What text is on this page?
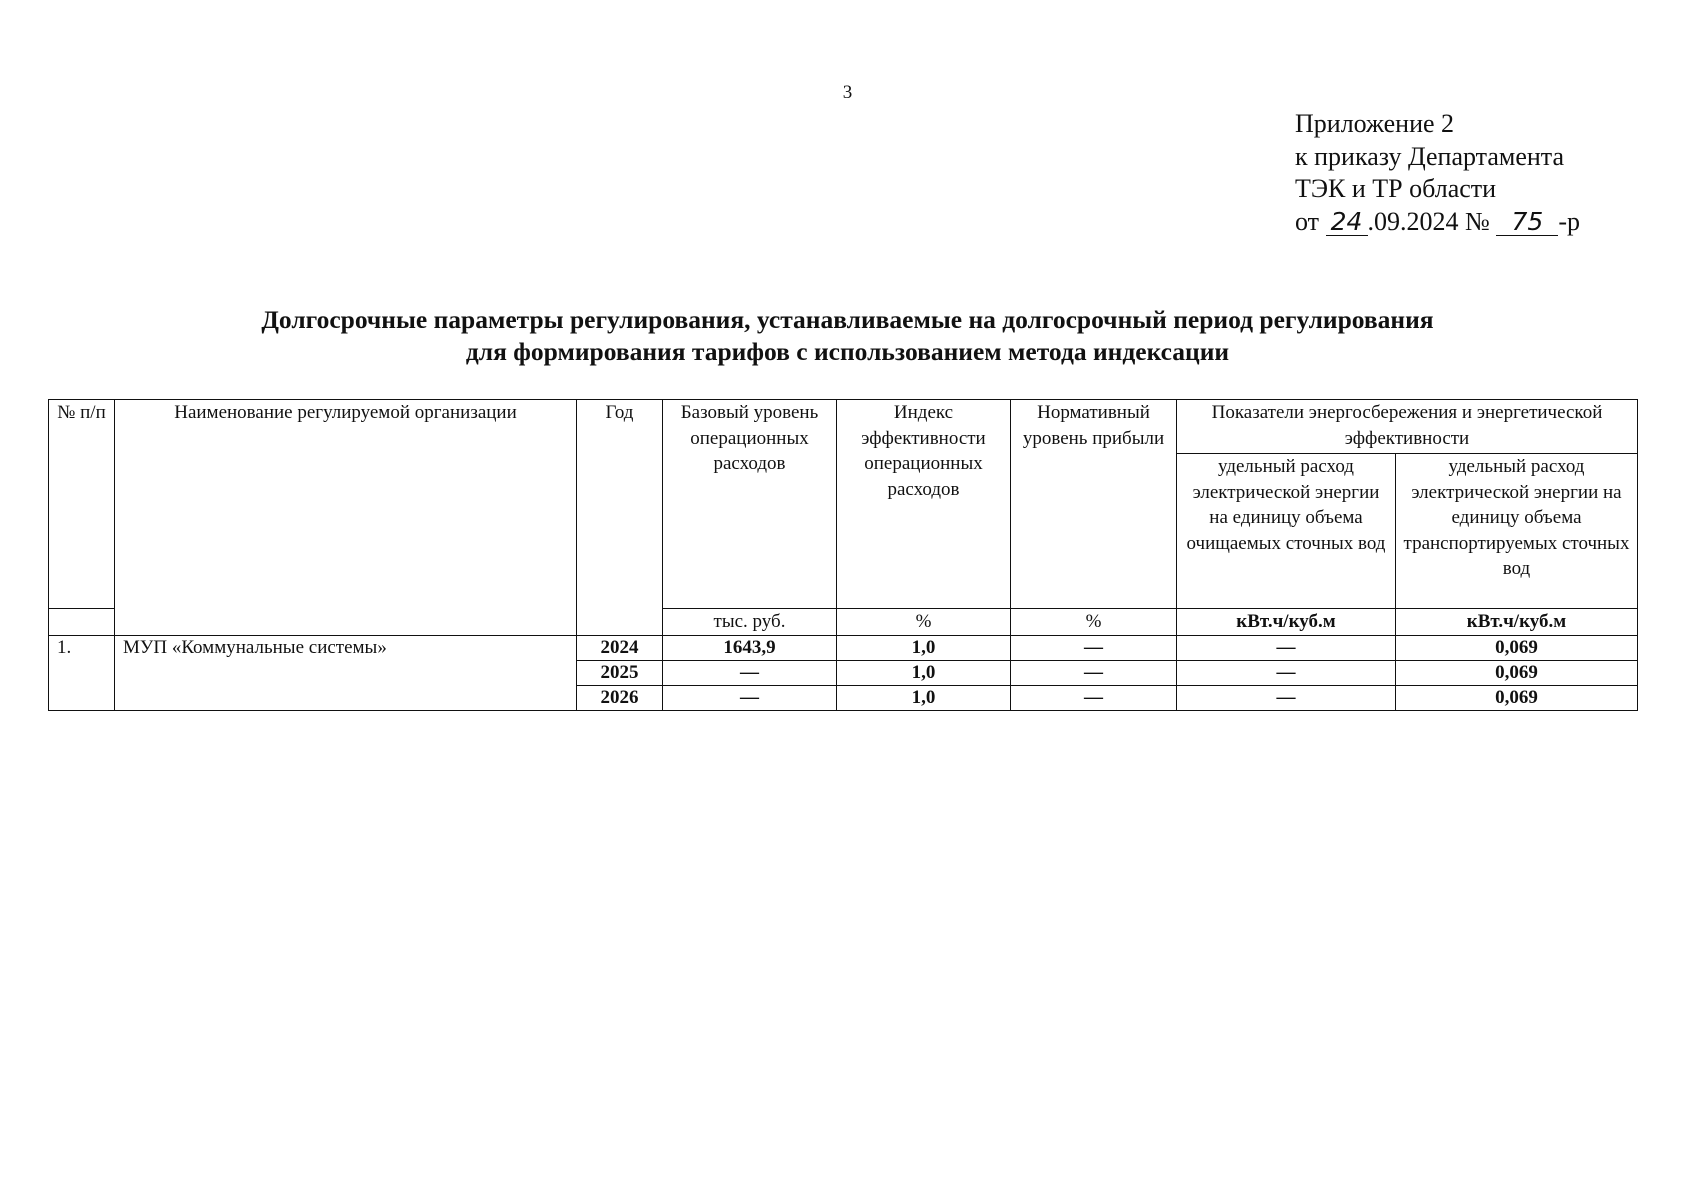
3
Приложение 2
к приказу Департамента
ТЭК и ТР области
от 24 .09.2024 № 75 -р
Долгосрочные параметры регулирования, устанавливаемые на долгосрочный период регулирования
для формирования тарифов с использованием метода индексации
№ п/п	Наименование регулируемой организации	Год	Базовый уровень операционных расходов	Индекс эффективности операционных расходов	Нормативный уровень прибыли	Показатели энергосбережения и энергетической эффективности	
						удельный расход электрической энергии на единицу объема очищаемых сточных вод	удельный расход электрической энергии на единицу объема транспортируемых сточных вод
			тыс. руб.	%	%	кВт.ч/куб.м	кВт.ч/куб.м
1.	МУП «Коммунальные системы»	2024	1643,9	1,0	—	—	0,069
		2025	—	1,0	—	—	0,069
		2026	—	1,0	—	—	0,069
